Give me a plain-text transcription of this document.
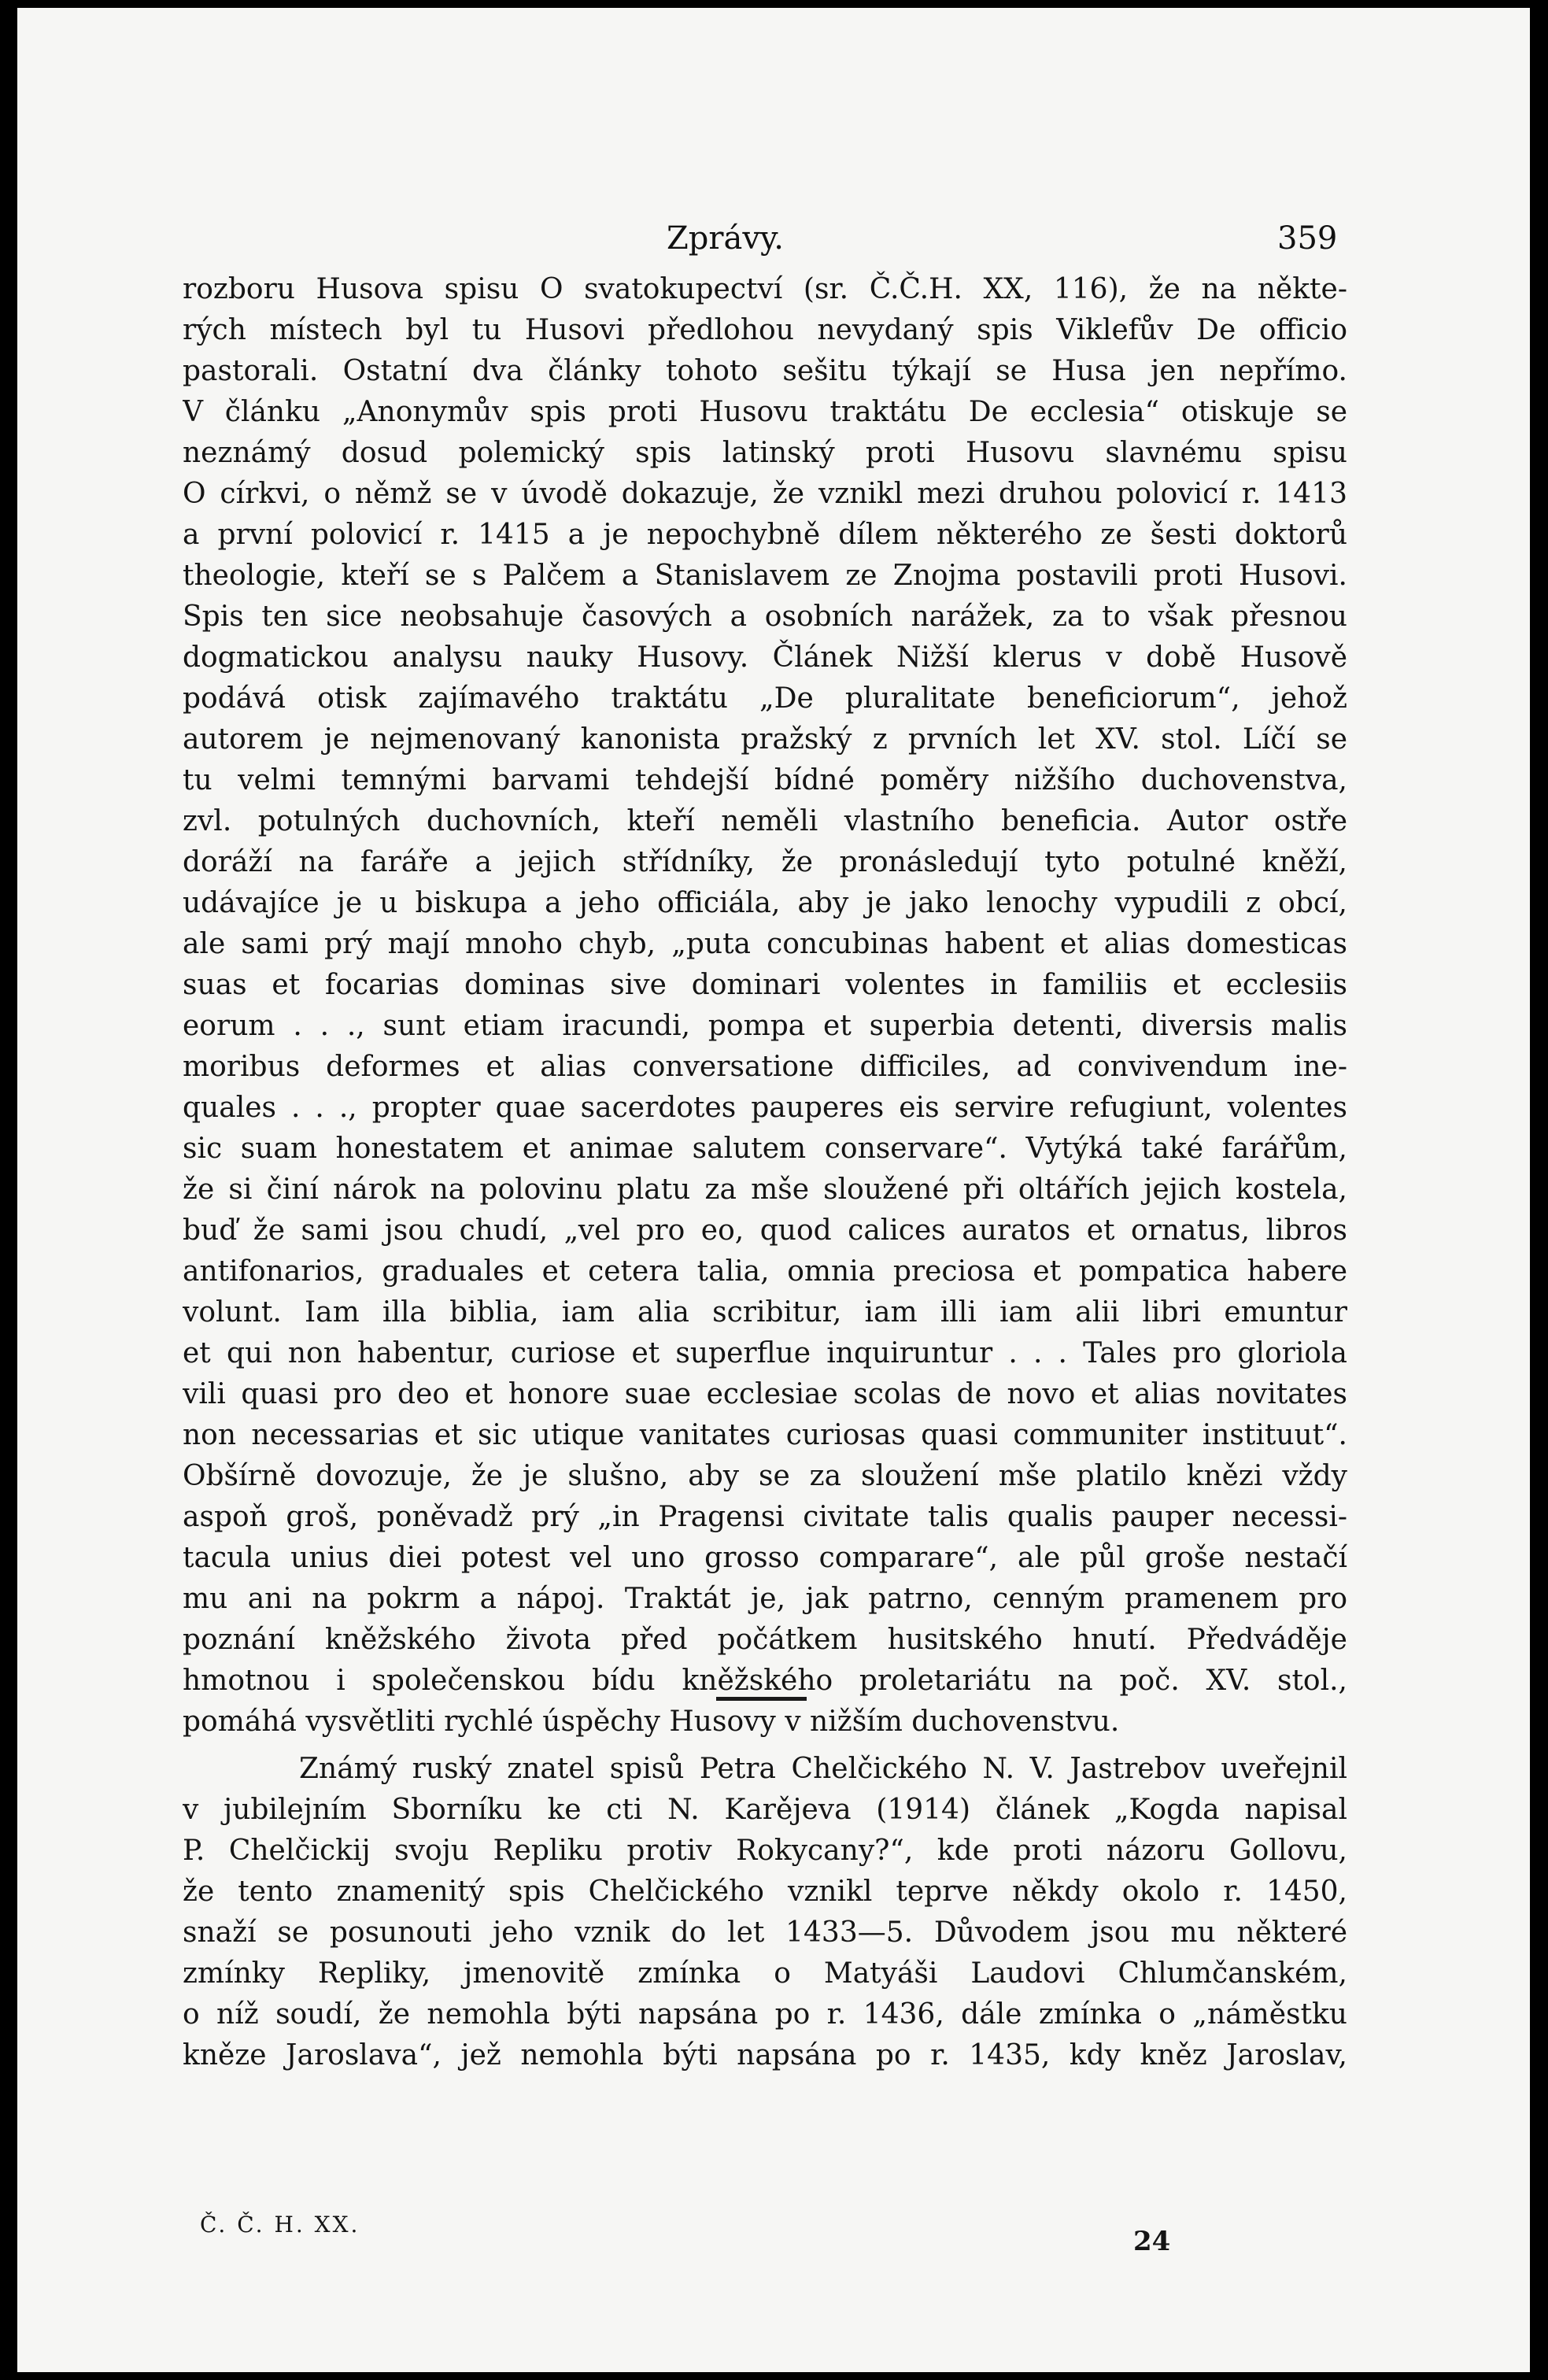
Zprávy.	359
rozboru Husova spisu O svatokupectví (sr. Č.Č.H. XX, 116), že na někte-
rých místech byl tu Husovi předlohou nevydaný spis Viklefův De officio
pastorali. Ostatní dva články tohoto sešitu týkají se Husa jen nepřímo.
V článku „Anonymův spis proti Husovu traktátu De ecclesia“ otiskuje se
neznámý dosud polemický spis latinský proti Husovu slavnému spisu
O církvi, o němž se v úvodě dokazuje, že vznikl mezi druhou polovicí r. 1413
a první polovicí r. 1415 a je nepochybně dílem některého ze šesti doktorů
theologie, kteří se s Palčem a Stanislavem ze Znojma postavili proti Husovi.
Spis ten sice neobsahuje časových a osobních narážek, za to však přesnou
dogmatickou analysu nauky Husovy. Článek Nižší klerus v době Husově
podává otisk zajímavého traktátu „De pluralitate beneficiorum“, jehož
autorem je nejmenovaný kanonista pražský z prvních let XV. stol. Líčí se
tu velmi temnými barvami tehdejší bídné poměry nižšího duchovenstva,
zvl. potulných duchovních, kteří neměli vlastního beneficia. Autor ostře
doráží na faráře a jejich střídníky, že pronásledují tyto potulné kněží,
udávajíce je u biskupa a jeho officiála, aby je jako lenochy vypudili z obcí,
ale sami prý mají mnoho chyb, „puta concubinas habent et alias domesticas
suas et focarias dominas sive dominari volentes in familiis et ecclesiis
eorum . . ., sunt etiam iracundi, pompa et superbia detenti, diversis malis
moribus deformes et alias conversatione difficiles, ad convivendum ine-
quales . . ., propter quae sacerdotes pauperes eis servire refugiunt, volentes
sic suam honestatem et animae salutem conservare“. Vytýká také farářům,
že si činí nárok na polovinu platu za mše sloužené při oltářích jejich kostela,
buď že sami jsou chudí, „vel pro eo, quod calices auratos et ornatus, libros
antifonarios, graduales et cetera talia, omnia preciosa et pompatica habere
volunt. Iam illa biblia, iam alia scribitur, iam illi iam alii libri emuntur
et qui non habentur, curiose et superflue inquiruntur . . . Tales pro gloriola
vili quasi pro deo et honore suae ecclesiae scolas de novo et alias novitates
non necessarias et sic utique vanitates curiosas quasi communiter instituut“.
Obšírně dovozuje, že je slušno, aby se za sloužení mše platilo knězi vždy
aspoň groš, poněvadž prý „in Pragensi civitate talis qualis pauper necessi-
tacula unius diei potest vel uno grosso comparare“, ale půl groše nestačí
mu ani na pokrm a nápoj. Traktát je, jak patrno, cenným pramenem pro
poznání kněžského života před počátkem husitského hnutí. Předváděje
hmotnou i společenskou bídu kněžského proletariátu na poč. XV. stol.,
pomáhá vysvětliti rychlé úspěchy Husovy v nižším duchovenstvu.
Známý ruský znatel spisů Petra Chelčického N. V. Jastrebov uveřejnil
v jubilejním Sborníku ke cti N. Karějeva (1914) článek „Kogda napisal
P. Chelčickij svoju Repliku protiv Rokycany?“, kde proti názoru Gollovu,
že tento znamenitý spis Chelčického vznikl teprve někdy okolo r. 1450,
snaží se posunouti jeho vznik do let 1433—5. Důvodem jsou mu některé
zmínky Repliky, jmenovitě zmínka o Matyáši Laudovi Chlumčanském,
o níž soudí, že nemohla býti napsána po r. 1436, dále zmínka o „náměstku
kněze Jaroslava“, jež nemohla býti napsána po r. 1435, kdy kněz Jaroslav,
Č. Č. H. XX.
24
